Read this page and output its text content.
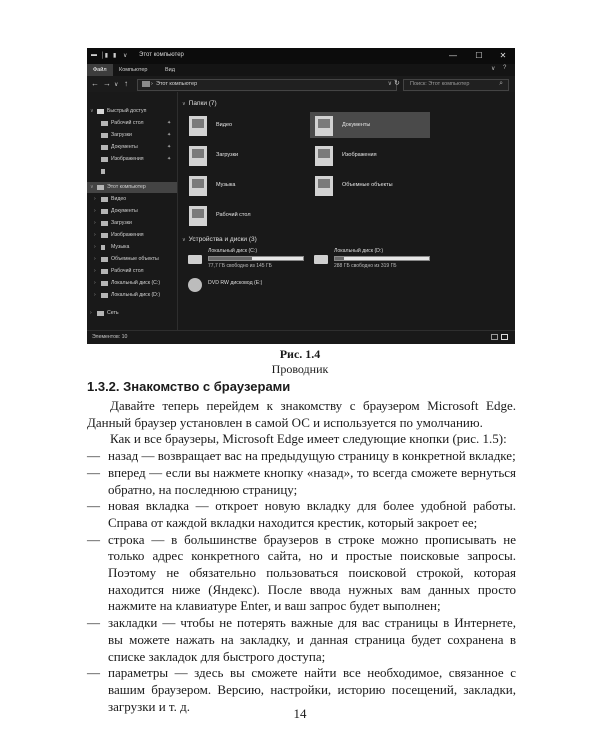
▬ │▮ ▮ ∨ Этот компьютер	—	☐	✕
Файл	Компьютер	Вид	∨ ?
← → ∨ ↑	› Этот компьютер	∨ ↻ Поиск: Этот компьютер	⌕
∨	Быстрый доступ
Рабочий стол	✦
Загрузки	✦
Документы	✦
Изображения	✦
∨	Этот компьютер
›	Видео
›	Документы
›	Загрузки
›	Изображения
›	Музыка
›	Объемные объекты
›	Рабочий стол
›	Локальный диск (C:)
›	Локальный диск (D:)
›	Сеть
∨ Папки (7)
Видео	Документы
Загрузки	Изображения
Музыка	Объемные объекты
Рабочий стол
∨ Устройства и диски (3)
Локальный диск (C:)
77,7 ГБ свободно из 145 ГБ
Локальный диск (D:)
288 ГБ свободно из 319 ГБ
DVD RW дисковод (E:)
Элементов: 10
Рис. 1.4
Проводник
1.3.2. Знакомство с браузерами

Давайте теперь перейдем к знакомству с браузером Microsoft Edge. Данный браузер установлен в самой ОС и используется по умолчанию.

Как и все браузеры, Microsoft Edge имеет следующие кнопки (рис. 1.5):

— назад — возвращает вас на предыдущую страницу в конкретной вкладке;

— вперед — если вы нажмете кнопку «назад», то всегда сможете вернуться обратно, на последнюю страницу;

— новая вкладка — откроет новую вкладку для более удобной работы. Справа от каждой вкладки находится крестик, который закроет ее;

— строка — в большинстве браузеров в строке можно прописывать не только адрес конкретного сайта, но и простые поисковые запросы. Поэтому не обязательно пользоваться поисковой строкой, которая находится ниже (Яндекс). После ввода нужных вам данных просто нажмите на клавиатуре Enter, и ваш запрос будет выполнен;

— закладки — чтобы не потерять важные для вас страницы в Интернете, вы можете нажать на закладку, и данная страница будет сохранена в списке закладок для быстрого доступа;

— параметры — здесь вы сможете найти все необходимое, связанное с вашим браузером. Версию, настройки, историю посещений, закладки, загрузки и т. д.	14
